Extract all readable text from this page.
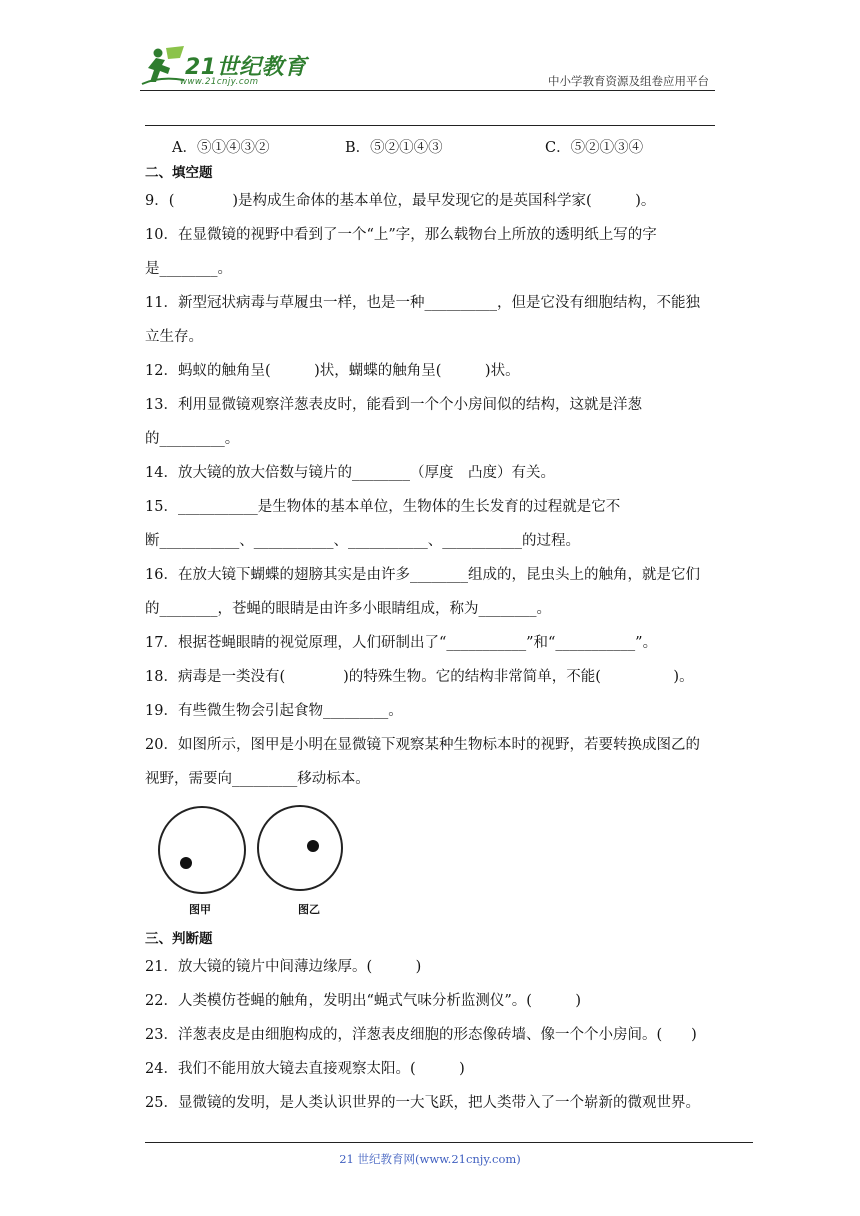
21世纪教育
www.21cnjy.com	中小学教育资源及组卷应用平台
A．⑤①④③②	B．⑤②①④③	C．⑤②①③④
二、填空题
9．(　　　　)是构成生命体的基本单位，最早发现它的是英国科学家(　　　)。
10．在显微镜的视野中看到了一个“上”字，那么载物台上所放的透明纸上写的字
是________。
11．新型冠状病毒与草履虫一样，也是一种__________，但是它没有细胞结构，不能独
立生存。
12．蚂蚁的触角呈(　　　)状，蝴蝶的触角呈(　　　)状。
13．利用显微镜观察洋葱表皮时，能看到一个个小房间似的结构，这就是洋葱
的_________。
14．放大镜的放大倍数与镜片的________（厚度　凸度）有关。
15．___________是生物体的基本单位，生物体的生长发育的过程就是它不
断___________、___________、___________、___________的过程。
16．在放大镜下蝴蝶的翅膀其实是由许多________组成的，昆虫头上的触角，就是它们
的________，苍蝇的眼睛是由许多小眼睛组成，称为________。
17．根据苍蝇眼睛的视觉原理，人们研制出了“___________”和“___________”。
18．病毒是一类没有(　　　　)的特殊生物。它的结构非常简单，不能(　　　　　)。
19．有些微生物会引起食物_________。
20．如图所示，图甲是小明在显微镜下观察某种生物标本时的视野，若要转换成图乙的
视野，需要向_________移动标本。
图甲	图乙
三、判断题
21．放大镜的镜片中间薄边缘厚。(　　　)
22．人类模仿苍蝇的触角，发明出“蝇式气味分析监测仪”。(　　　)
23．洋葱表皮是由细胞构成的，洋葱表皮细胞的形态像砖墙、像一个个小房间。(　　)
24．我们不能用放大镜去直接观察太阳。(　　　)
25．显微镜的发明，是人类认识世界的一大飞跃，把人类带入了一个崭新的微观世界。
21 世纪教育网(www.21cnjy.com)
